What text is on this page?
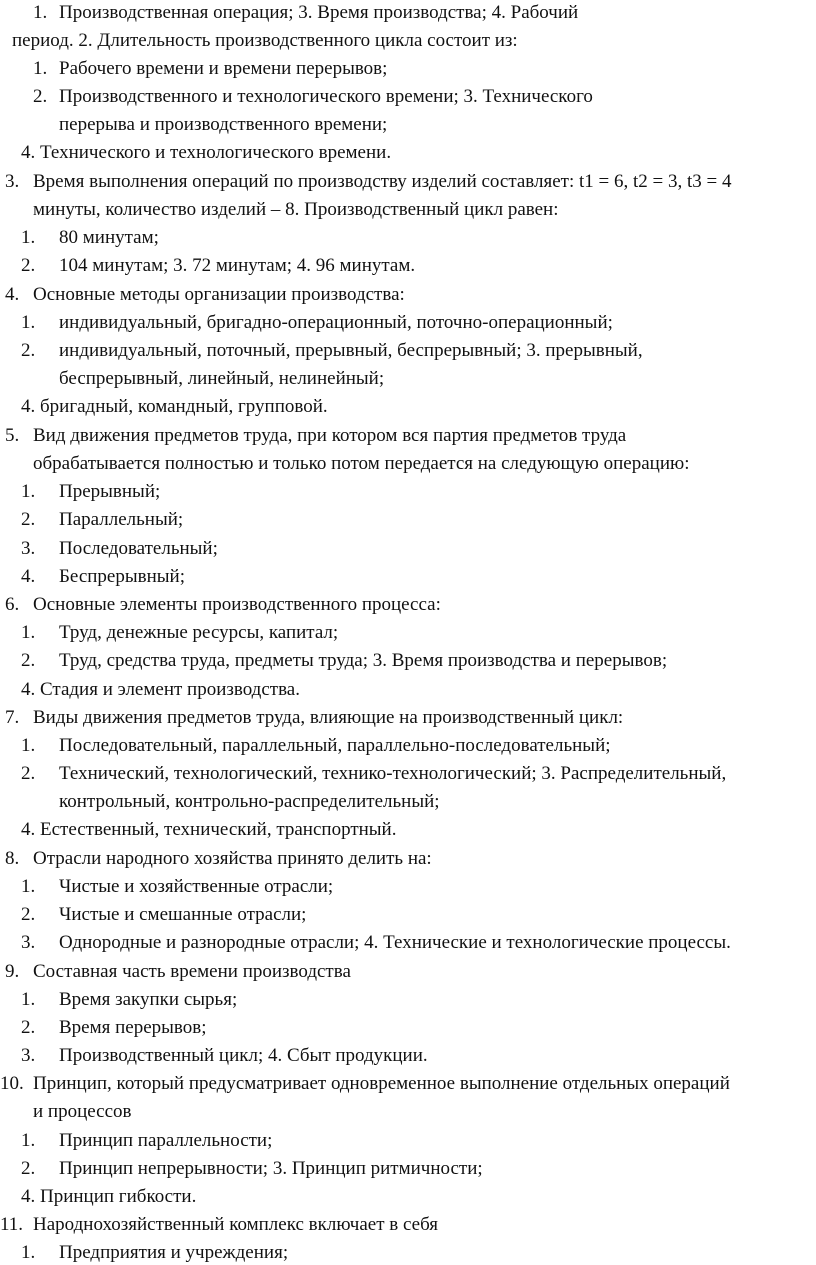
1. Производственная операция; 3. Время производства; 4. Рабочий
период. 2. Длительность производственного цикла состоит из:
1. Рабочего времени и времени перерывов;
2. Производственного и технологического времени; 3. Технического
перерыва и производственного времени;
4. Технического и технологического времени.
3. Время выполнения операций по производству изделий составляет: t1 = 6, t2 = 3, t3 = 4
минуты, количество изделий – 8. Производственный цикл равен:
1. 80 минутам;
2. 104 минутам; 3. 72 минутам; 4. 96 минутам.
4. Основные методы организации производства:
1. индивидуальный, бригадно-операционный, поточно-операционный;
2. индивидуальный, поточный, прерывный, беспрерывный; 3. прерывный,
беспрерывный, линейный, нелинейный;
4. бригадный, командный, групповой.
5. Вид движения предметов труда, при котором вся партия предметов труда
обрабатывается полностью и только потом передается на следующую операцию:
1. Прерывный;
2. Параллельный;
3. Последовательный;
4. Беспрерывный;
6. Основные элементы производственного процесса:
1. Труд, денежные ресурсы, капитал;
2. Труд, средства труда, предметы труда; 3. Время производства и перерывов;
4. Стадия и элемент производства.
7. Виды движения предметов труда, влияющие на производственный цикл:
1. Последовательный, параллельный, параллельно-последовательный;
2. Технический, технологический, технико-технологический; 3. Распределительный,
контрольный, контрольно-распределительный;
4. Естественный, технический, транспортный.
8. Отрасли народного хозяйства принято делить на:
1. Чистые и хозяйственные отрасли;
2. Чистые и смешанные отрасли;
3. Однородные и разнородные отрасли; 4. Технические и технологические процессы.
9. Составная часть времени производства
1. Время закупки сырья;
2. Время перерывов;
3. Производственный цикл; 4. Сбыт продукции.
10. Принцип, который предусматривает одновременное выполнение отдельных операций
и процессов
1. Принцип параллельности;
2. Принцип непрерывности; 3. Принцип ритмичности;
4. Принцип гибкости.
11. Народнохозяйственный комплекс включает в себя
1. Предприятия и учреждения;
